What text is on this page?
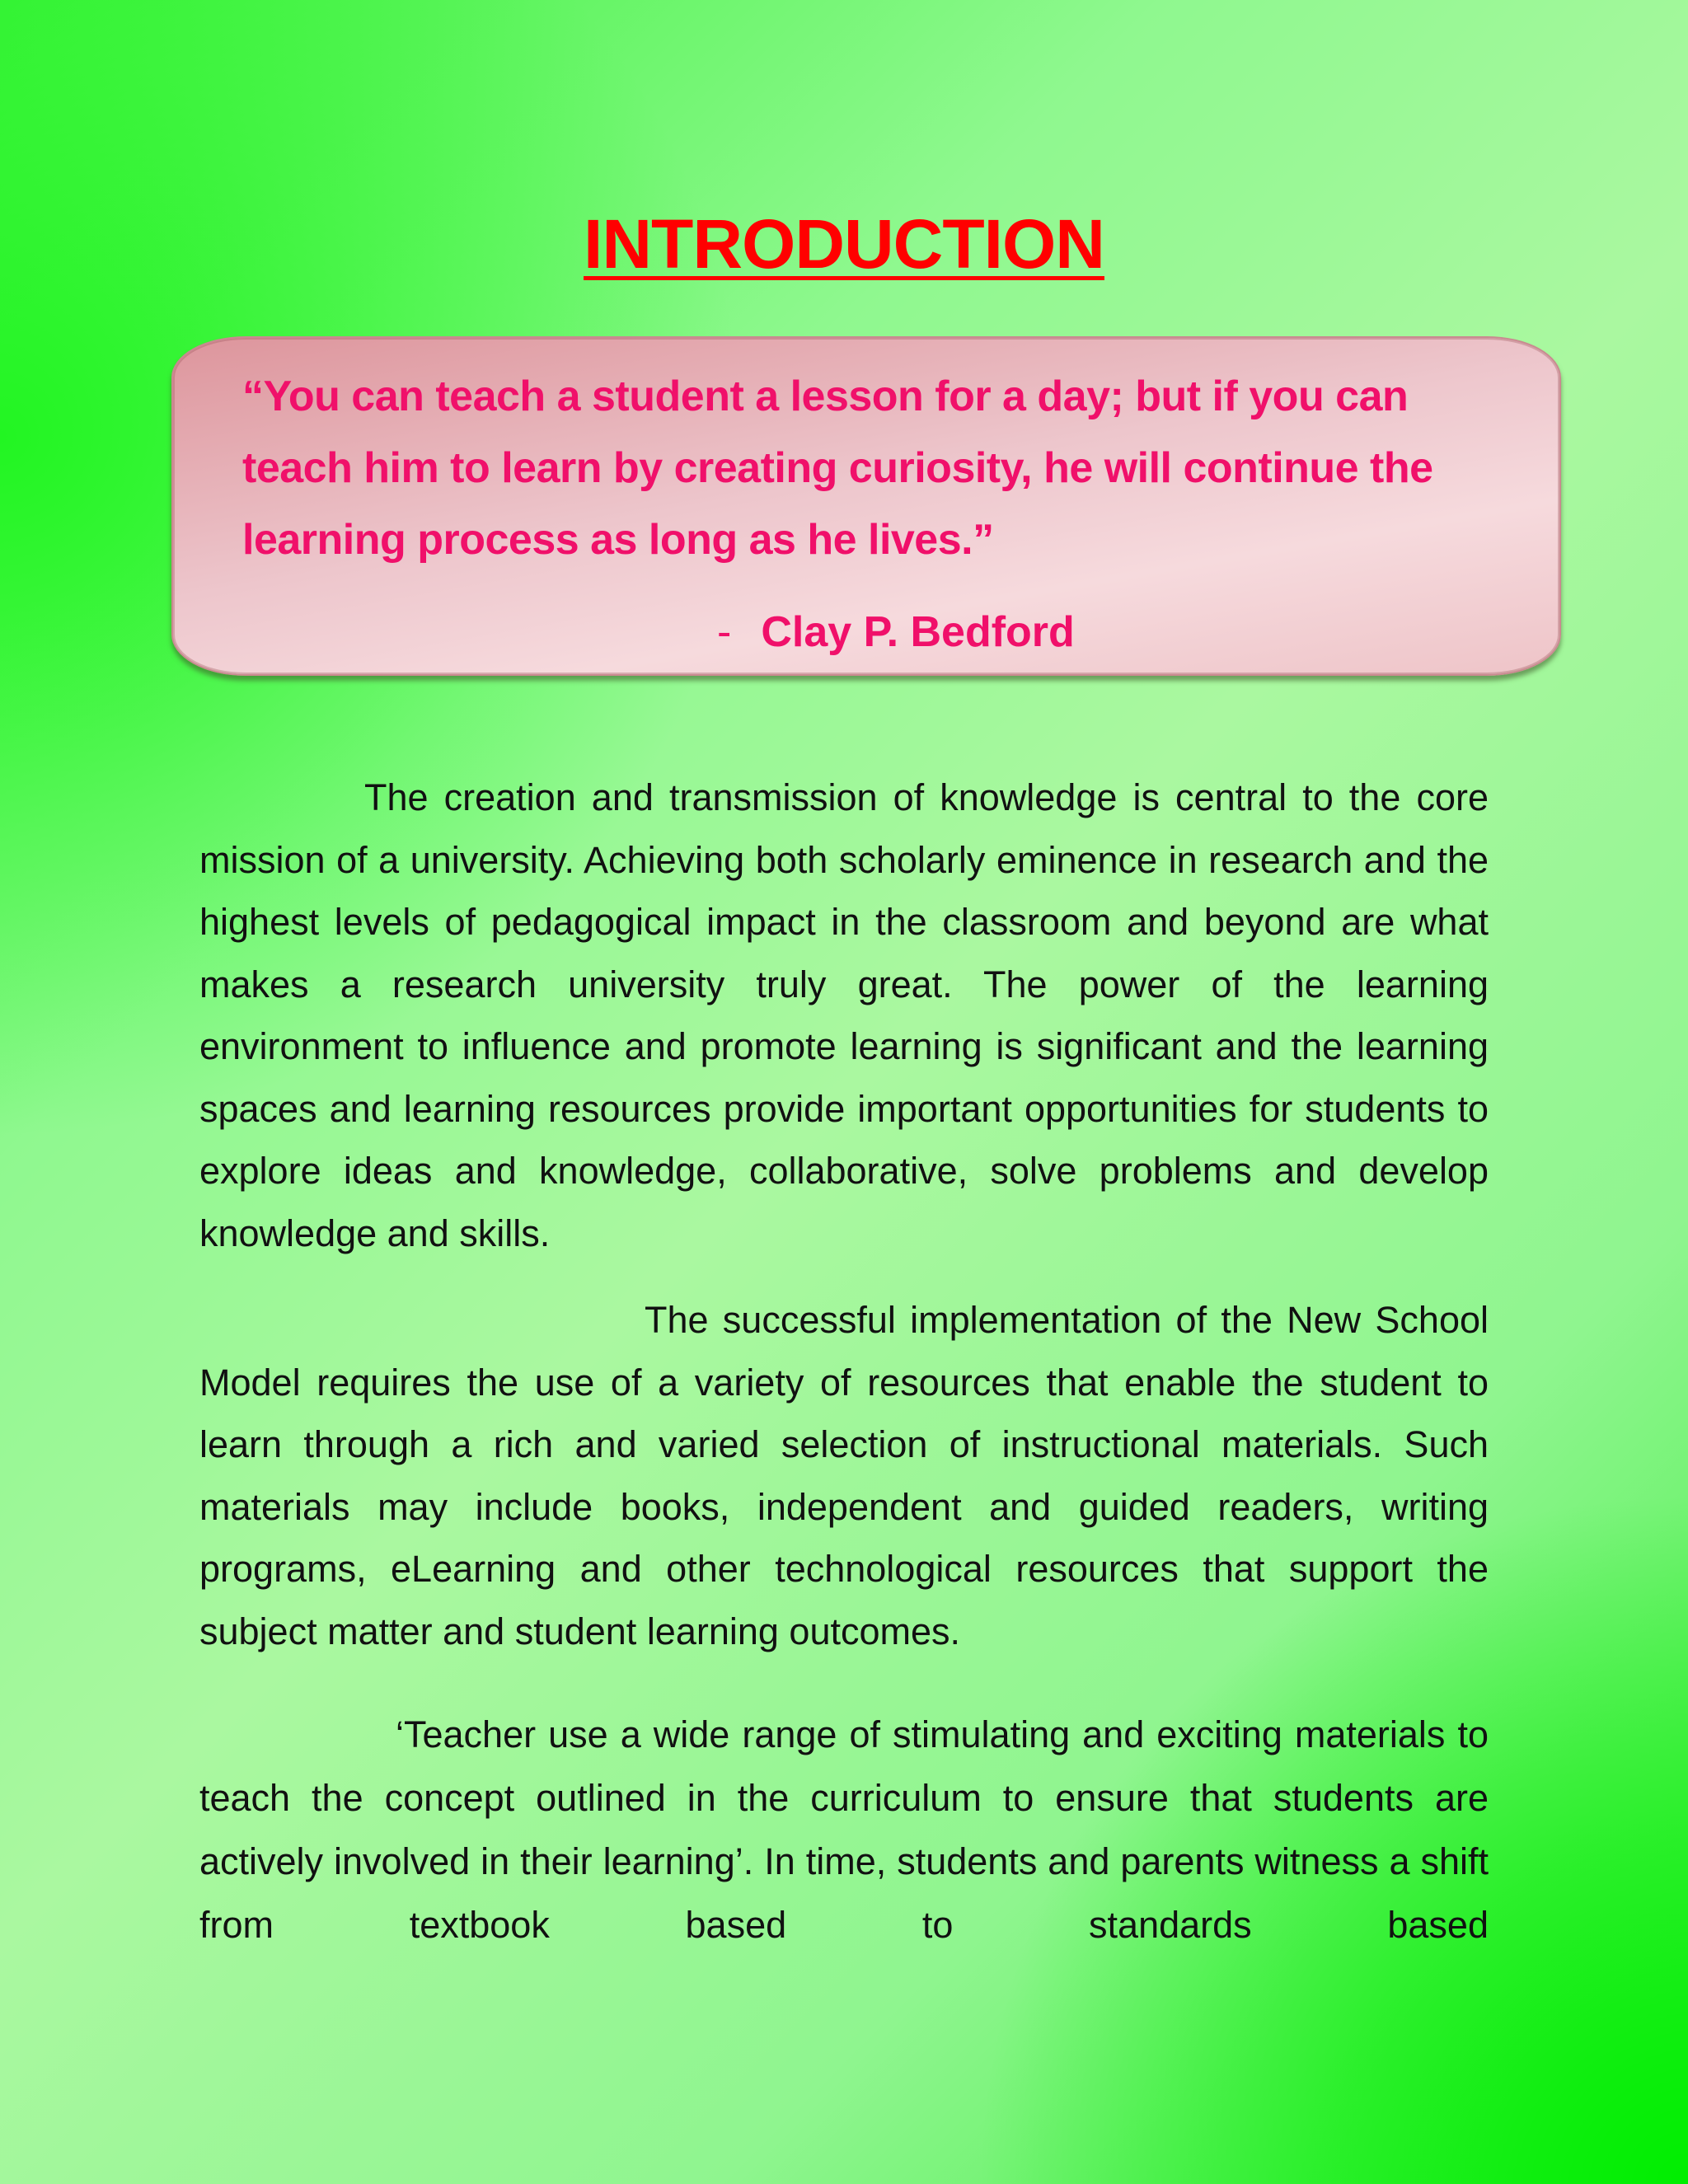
INTRODUCTION

“You can teach a student a lesson for a day; but if you can teach him to learn by creating curiosity, he will continue the learning process as long as he lives.”

- Clay P. Bedford

The creation and transmission of knowledge is central to the core mission of a university. Achieving both scholarly eminence in research and the highest levels of pedagogical impact in the classroom and beyond are what makes a research university truly great. The power of the learning environment to influence and promote learning is significant and the learning spaces and learning resources provide important opportunities for students to explore ideas and knowledge, collaborative, solve problems and develop knowledge and skills.

The successful implementation of the New School Model requires the use of a variety of resources that enable the student to learn through a rich and varied selection of instructional materials. Such materials may include books, independent and guided readers, writing programs, eLearning and other technological resources that support the subject matter and student learning outcomes.

‘Teacher use a wide range of stimulating and exciting materials to teach the concept outlined in the curriculum to ensure that students are actively involved in their learning’. In time, students and parents witness a shift from textbook based to standards based
